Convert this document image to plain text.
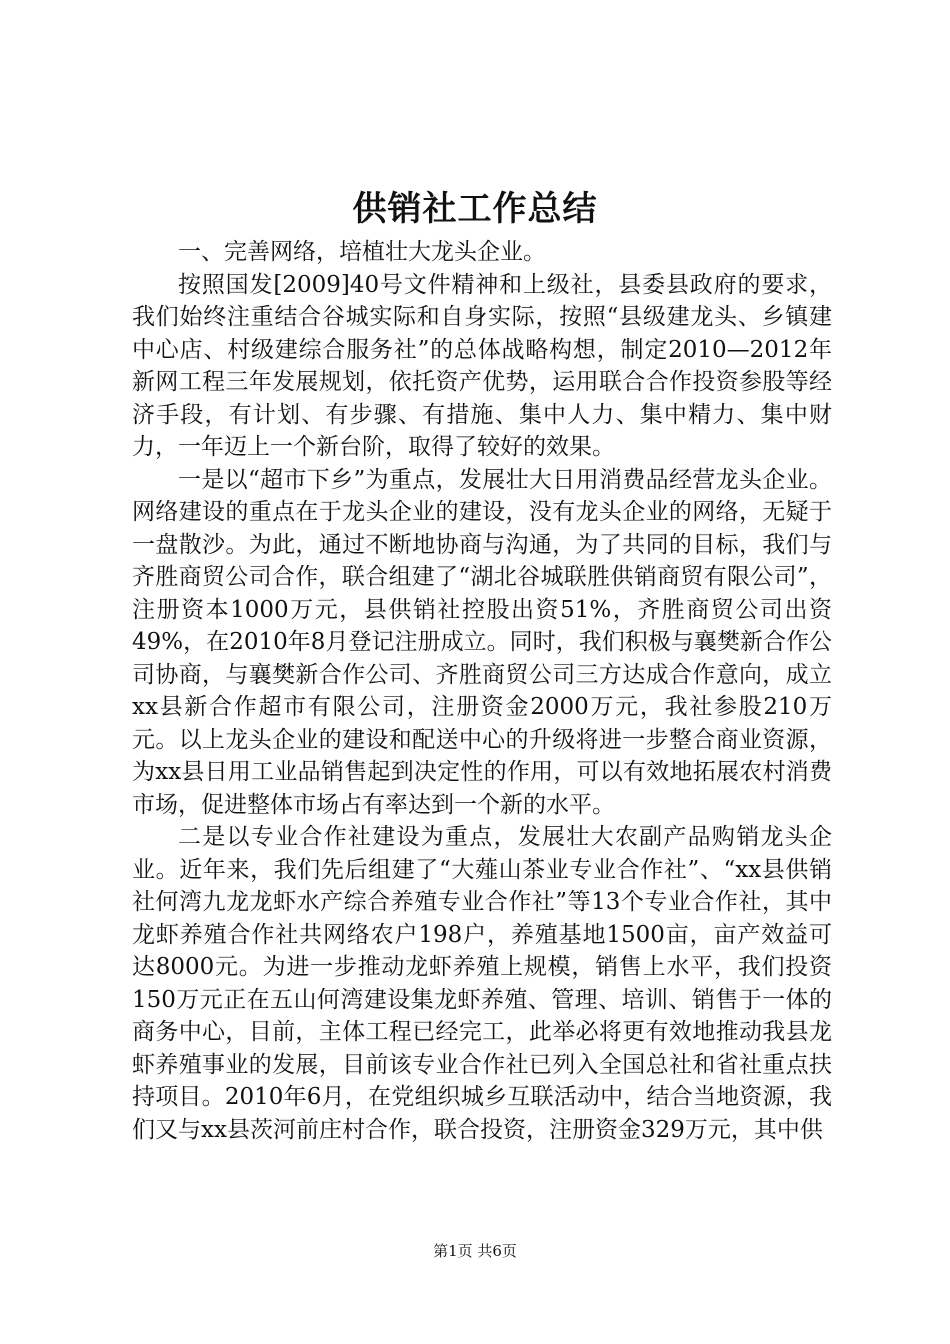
供销社工作总结

一、完善网络，培植壮大龙头企业。

按照国发[2009]40号文件精神和上级社，县委县政府的要求，我们始终注重结合谷城实际和自身实际，按照“县级建龙头、乡镇建中心店、村级建综合服务社”的总体战略构想，制定2010—2012年新网工程三年发展规划，依托资产优势，运用联合合作投资参股等经济手段，有计划、有步骤、有措施、集中人力、集中精力、集中财力，一年迈上一个新台阶，取得了较好的效果。

一是以“超市下乡”为重点，发展壮大日用消费品经营龙头企业。网络建设的重点在于龙头企业的建设，没有龙头企业的网络，无疑于一盘散沙。为此，通过不断地协商与沟通，为了共同的目标，我们与齐胜商贸公司合作，联合组建了“湖北谷城联胜供销商贸有限公司”，注册资本1000万元，县供销社控股出资51%，齐胜商贸公司出资49%，在2010年8月登记注册成立。同时，我们积极与襄樊新合作公司协商，与襄樊新合作公司、齐胜商贸公司三方达成合作意向，成立xx县新合作超市有限公司，注册资金2000万元，我社参股210万元。以上龙头企业的建设和配送中心的升级将进一步整合商业资源，为xx县日用工业品销售起到决定性的作用，可以有效地拓展农村消费市场，促进整体市场占有率达到一个新的水平。

二是以专业合作社建设为重点，发展壮大农副产品购销龙头企业。近年来，我们先后组建了“大薤山茶业专业合作社”、“xx县供销社何湾九龙龙虾水产综合养殖专业合作社”等13个专业合作社，其中龙虾养殖合作社共网络农户198户，养殖基地1500亩，亩产效益可达8000元。为进一步推动龙虾养殖上规模，销售上水平，我们投资150万元正在五山何湾建设集龙虾养殖、管理、培训、销售于一体的商务中心，目前，主体工程已经完工，此举必将更有效地推动我县龙虾养殖事业的发展，目前该专业合作社已列入全国总社和省社重点扶持项目。2010年6月，在党组织城乡互联活动中，结合当地资源，我们又与xx县茨河前庄村合作，联合投资，注册资金329万元，其中供

第1页 共6页
